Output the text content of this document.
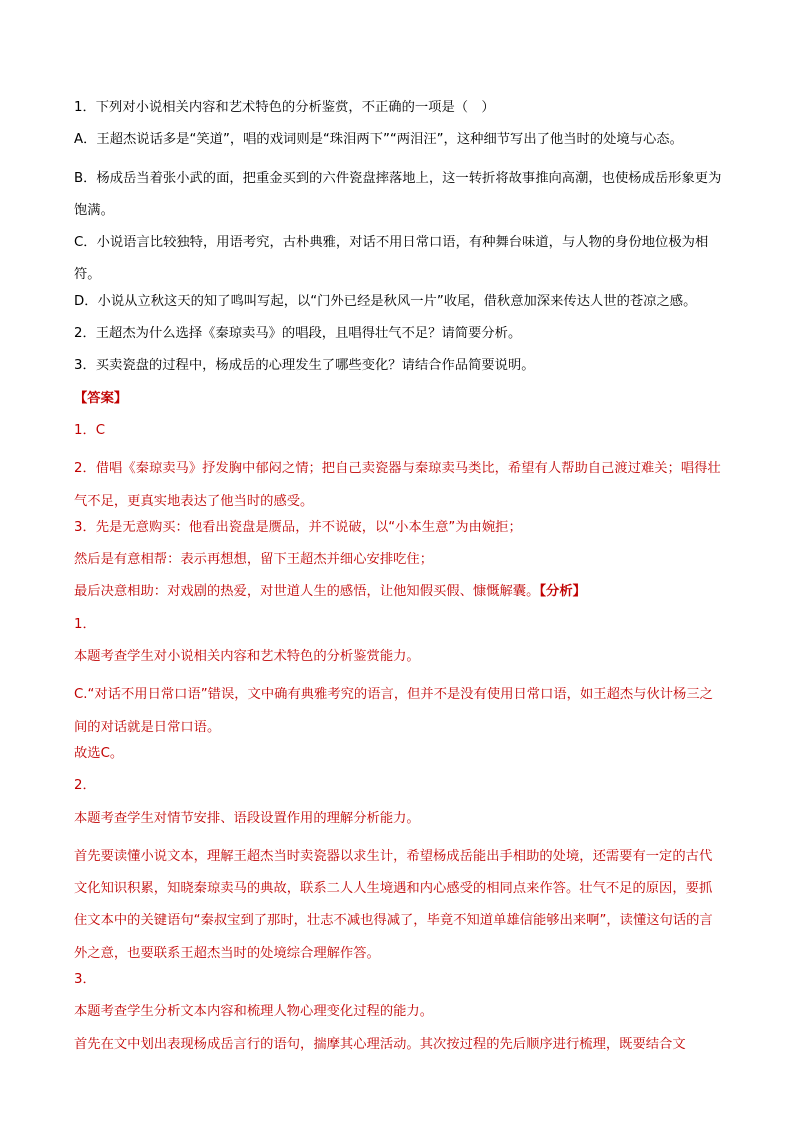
1．下列对小说相关内容和艺术特色的分析鉴赏，不正确的一项是（　）
A．王超杰说话多是“笑道”，唱的戏词则是“珠泪两下”“两泪汪”，这种细节写出了他当时的处境与心态。
B．杨成岳当着张小武的面，把重金买到的六件瓷盘摔落地上，这一转折将故事推向高潮，也使杨成岳形象更为饱满。
C．小说语言比较独特，用语考究，古朴典雅，对话不用日常口语，有种舞台味道，与人物的身份地位极为相符。
D．小说从立秋这天的知了鸣叫写起，以“门外已经是秋风一片”收尾，借秋意加深来传达人世的苍凉之感。
2．王超杰为什么选择《秦琼卖马》的唱段，且唱得壮气不足？请简要分析。
3．买卖瓷盘的过程中，杨成岳的心理发生了哪些变化？请结合作品简要说明。
【答案】
1．C
2．借唱《秦琼卖马》抒发胸中郁闷之情；把自己卖瓷器与秦琼卖马类比，希望有人帮助自己渡过难关；唱得壮气不足，更真实地表达了他当时的感受。
3．先是无意购买：他看出瓷盘是赝品，并不说破，以“小本生意”为由婉拒；
然后是有意相帮：表示再想想，留下王超杰并细心安排吃住；
最后决意相助：对戏剧的热爱，对世道人生的感悟，让他知假买假、慷慨解囊。【分析】
1．
本题考查学生对小说相关内容和艺术特色的分析鉴赏能力。
C.“对话不用日常口语”错误，文中确有典雅考究的语言，但并不是没有使用日常口语，如王超杰与伙计杨三之间的对话就是日常口语。
故选C。
2．
本题考查学生对情节安排、语段设置作用的理解分析能力。
首先要读懂小说文本，理解王超杰当时卖瓷器以求生计，希望杨成岳能出手相助的处境，还需要有一定的古代文化知识积累，知晓秦琼卖马的典故，联系二人人生境遇和内心感受的相同点来作答。壮气不足的原因，要抓住文本中的关键语句“秦叔宝到了那时，壮志不减也得减了，毕竟不知道单雄信能够出来啊”，读懂这句话的言外之意，也要联系王超杰当时的处境综合理解作答。
3．
本题考查学生分析文本内容和梳理人物心理变化过程的能力。
首先在文中划出表现杨成岳言行的语句，揣摩其心理活动。其次按过程的先后顺序进行梳理，既要结合文
